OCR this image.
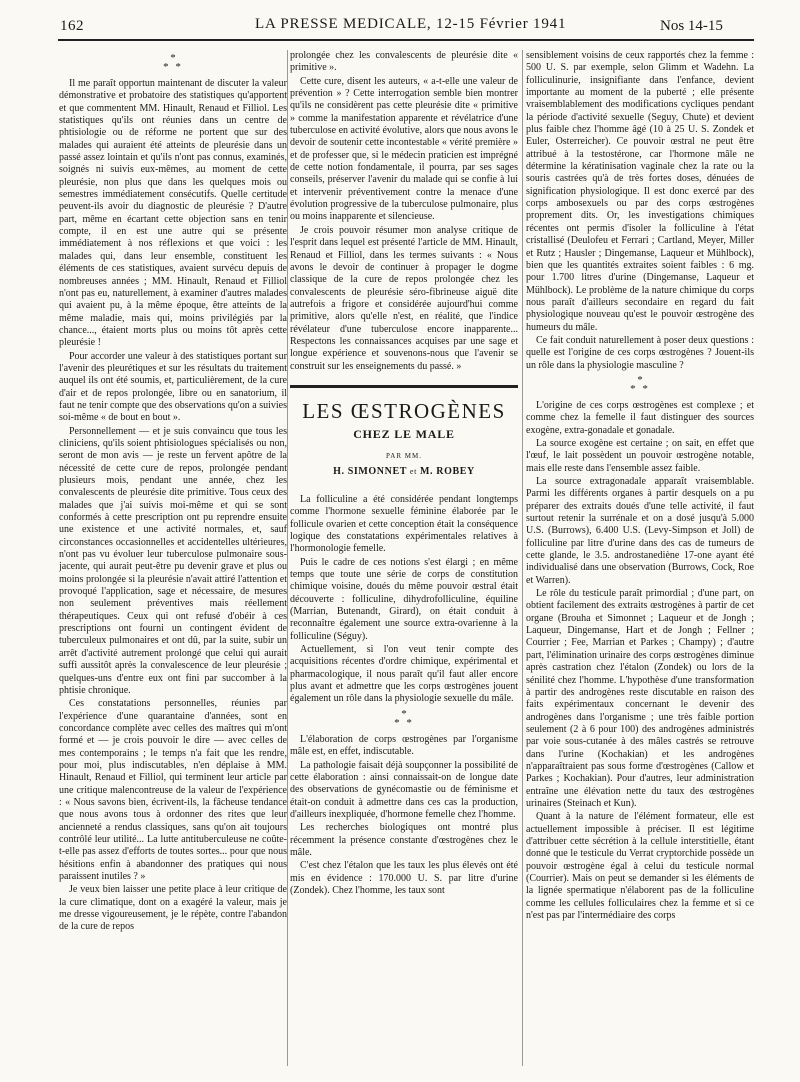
162	LA PRESSE MEDICALE, 12-15 Février 1941	Nos 14-15
*
* *

Il me paraît opportun maintenant de discuter la valeur démonstrative et probatoire des statistiques qu'apportent et que commentent MM. Hinault, Renaud et Filliol. Les statistiques qu'ils ont réunies dans un centre de phtisiologie ou de réforme ne portent que sur des malades qui auraient été atteints de pleurésie dans un passé assez lointain et qu'ils n'ont pas connus, examinés, soignés ni suivis eux-mêmes, au moment de cette pleurésie, non plus que dans les quelques mois ou semestres immédiatement consécutifs. Quelle certitude peuvent-ils avoir du diagnostic de pleurésie ? D'autre part, même en écartant cette objection sans en tenir compte, il en est une autre qui se présente immédiatement à nos réflexions et que voici : les malades qui, dans leur ensemble, constituent les éléments de ces statistiques, avaient survécu depuis de nombreuses années ; MM. Hinault, Renaud et Filliol n'ont pas eu, naturellement, à examiner d'autres malades qui avaient pu, à la même époque, être atteints de la même maladie, mais qui, moins privilégiés par la chance..., étaient morts plus ou moins tôt après cette pleurésie !

Pour accorder une valeur à des statistiques portant sur l'avenir des pleurétiques et sur les résultats du traitement auquel ils ont été soumis, et, particulièrement, de la cure d'air et de repos prolongée, libre ou en sanatorium, il faut ne tenir compte que des observations qu'on a suivies soi-même « de bout en bout ».

Personnellement — et je suis convaincu que tous les cliniciens, qu'ils soient phtisiologues spécialisés ou non, seront de mon avis — je reste un fervent apôtre de la nécessité de cette cure de repos, prolongée pendant plusieurs mois, pendant une année, chez les convalescents de pleurésie dite primitive. Tous ceux des malades que j'ai suivis moi-même et qui se sont conformés à cette prescription ont pu reprendre ensuite une existence et une activité normales, et, sauf circonstances occasionnelles et accidentelles ultérieures, n'ont pas vu évoluer leur tuberculose pulmonaire sous-jacente, qui aurait peut-être pu devenir grave et plus ou moins prolongée si la pleurésie n'avait attiré l'attention et provoqué l'application, sage et nécessaire, de mesures non seulement préventives mais réellement thérapeutiques. Ceux qui ont refusé d'obéir à ces prescriptions ont fourni un contingent évident de tuberculeux pulmonaires et ont dû, par la suite, subir un arrêt d'activité autrement prolongé que celui qui aurait suffi aussitôt après la convalescence de leur pleurésie ; quelques-uns d'entre eux ont fini par succomber à la phtisie chronique.

Ces constatations personnelles, réunies par l'expérience d'une quarantaine d'années, sont en concordance complète avec celles des maîtres qui m'ont formé et — je crois pouvoir le dire — avec celles de mes contemporains ; le temps n'a fait que les rendre, pour moi, plus indiscutables, n'en déplaise à MM. Hinault, Renaud et Filliol, qui terminent leur article par une critique malencontreuse de la valeur de l'expérience : « Nous savons bien, écrivent-ils, la fâcheuse tendance que nous avons tous à ordonner des rites que leur ancienneté a rendus classiques, sans qu'on ait toujours contrôlé leur utilité... La lutte antituberculeuse ne coûte-t-elle pas assez d'efforts de toutes sortes... pour que nous hésitions enfin à abandonner des pratiques qui nous paraissent inutiles ? »

Je veux bien laisser une petite place à leur critique de la cure climatique, dont on a exagéré la valeur, mais je me dresse vigoureusement, je le répète, contre l'abandon de la cure de repos

prolongée chez les convalescents de pleurésie dite « primitive ».

Cette cure, disent les auteurs, « a-t-elle une valeur de prévention » ? Cette interrogation semble bien montrer qu'ils ne considèrent pas cette pleurésie dite « primitive » comme la manifestation apparente et révélatrice d'une tuberculose en activité évolutive, alors que nous avons le devoir de soutenir cette incontestable « vérité première » et de professer que, si le médecin praticien est imprégné de cette notion fondamentale, il pourra, par ses sages conseils, préserver l'avenir du malade qui se confie à lui et intervenir préventivement contre la menace d'une évolution progressive de la tuberculose pulmonaire, plus ou moins inapparente et silencieuse.

Je crois pouvoir résumer mon analyse critique de l'esprit dans lequel est présenté l'article de MM. Hinault, Renaud et Filliol, dans les termes suivants : « Nous avons le devoir de continuer à propager le dogme classique de la cure de repos prolongée chez les convalescents de pleurésie séro-fibrineuse aiguë dite autrefois a frigore et considérée aujourd'hui comme primitive, alors qu'elle n'est, en réalité, que l'indice révélateur d'une tuberculose encore inapparente... Respectons les connaissances acquises par une sage et longue expérience et souvenons-nous que l'avenir se construit sur les enseignements du passé. »

LES ŒSTROGÈNES
CHEZ LE MALE
PAR MM.
H. SIMONNET et M. ROBEY

La folliculine a été considérée pendant longtemps comme l'hormone sexuelle féminine élaborée par le follicule ovarien et cette conception était la conséquence logique des constatations expérimentales relatives à l'hormonologie femelle.

Puis le cadre de ces notions s'est élargi ; en même temps que toute une série de corps de constitution chimique voisine, doués du même pouvoir œstral était découverte : folliculine, dihydrofolliculine, équiline (Marrian, Butenandt, Girard), on était conduit à reconnaître également une source extra-ovarienne à la folliculine (Séguy).

Actuellement, si l'on veut tenir compte des acquisitions récentes d'ordre chimique, expérimental et pharmacologique, il nous paraît qu'il faut aller encore plus avant et admettre que les corps œstrogènes jouent également un rôle dans la physiologie sexuelle du mâle.

*
* *

L'élaboration de corps œstrogènes par l'organisme mâle est, en effet, indiscutable.

La pathologie faisait déjà soupçonner la possibilité de cette élaboration : ainsi connaissait-on de longue date des observations de gynécomastie ou de féminisme et était-on conduit à admettre dans ces cas la production, d'ailleurs inexpliquée, d'hormone femelle chez l'homme.

Les recherches biologiques ont montré plus récemment la présence constante d'œstrogènes chez le mâle.

C'est chez l'étalon que les taux les plus élevés ont été mis en évidence : 170.000 U. S. par litre d'urine (Zondek). Chez l'homme, les taux sont

sensiblement voisins de ceux rapportés chez la femme : 500 U. S. par exemple, selon Glimm et Wadehn. La folliculinurie, insignifiante dans l'enfance, devient importante au moment de la puberté ; elle présente vraisemblablement des modifications cycliques pendant la période d'activité sexuelle (Seguy, Chute) et devient plus faible chez l'homme âgé (10 à 25 U. S. Zondek et Euler, Osterreicher). Ce pouvoir œstral ne peut être attribué à la testostérone, car l'hormone mâle ne détermine la kératinisation vaginale chez la rate ou la souris castrées qu'à de très fortes doses, dénuées de signification physiologique. Il est donc exercé par des corps ambosexuels ou par des corps œstrogènes proprement dits. Or, les investigations chimiques récentes ont permis d'isoler la folliculine à l'état cristallisé (Deulofeu et Ferrari ; Cartland, Meyer, Miller et Rutz ; Hausler ; Dingemanse, Laqueur et Mühlbock), bien que les quantités extraites soient faibles : 6 mg. pour 1.700 litres d'urine (Dingemanse, Laqueur et Mühlbock). Le problème de la nature chimique du corps nous paraît d'ailleurs secondaire en regard du fait physiologique nouveau qu'est le pouvoir œstrogène des humeurs du mâle.

Ce fait conduit naturellement à poser deux questions : quelle est l'origine de ces corps œstrogènes ? Jouent-ils un rôle dans la physiologie masculine ?

*
* *

L'origine de ces corps œstrogènes est complexe ; et comme chez la femelle il faut distinguer des sources exogène, extra-gonadale et gonadale.

La source exogène est certaine ; on sait, en effet que l'œuf, le lait possèdent un pouvoir œstrogène notable, mais elle reste dans l'ensemble assez faible.

La source extragonadale apparaît vraisemblable. Parmi les différents organes à partir desquels on a pu préparer des extraits doués d'une telle activité, il faut surtout retenir la surrénale et on a dosé jusqu'à 5.000 U.S. (Burrows), 6.400 U.S. (Levy-Simpson et Joll) de folliculine par litre d'urine dans des cas de tumeurs de cette glande, le 3.5. androstanediène 17-one ayant été individualisé dans une observation (Burrows, Cock, Roe et Warren).

Le rôle du testicule paraît primordial ; d'une part, on obtient facilement des extraits œstrogènes à partir de cet organe (Brouha et Simonnet ; Laqueur et de Jongh ; Laqueur, Dingemanse, Hart et de Jongh ; Fellner ; Courrier ; Fee, Marrian et Parkes ; Champy) ; d'autre part, l'élimination urinaire des corps œstrogènes diminue après castration chez l'étalon (Zondek) ou lors de la sénilité chez l'homme. L'hypothèse d'une transformation à partir des androgènes reste discutable en raison des faits expérimentaux concernant le devenir des androgènes dans l'organisme ; une très faible portion seulement (2 à 6 pour 100) des androgènes administrés par voie sous-cutanée à des mâles castrés se retrouve dans l'urine (Kochakian) et les androgènes n'apparaîtraient pas sous forme d'œstrogènes (Callow et Parkes ; Kochakian). Pour d'autres, leur administration entraîne une élévation nette du taux des œstrogènes urinaires (Steinach et Kun).

Quant à la nature de l'élément formateur, elle est actuellement impossible à préciser. Il est légitime d'attribuer cette sécrétion à la cellule interstitielle, étant donné que le testicule du Verrat cryptorchide possède un pouvoir œstrogène égal à celui du testicule normal (Courrier). Mais on peut se demander si les éléments de la lignée spermatique n'élaborent pas de la folliculine comme les cellules folliculaires chez la femme et si ce n'est pas par l'intermédiaire des corps
